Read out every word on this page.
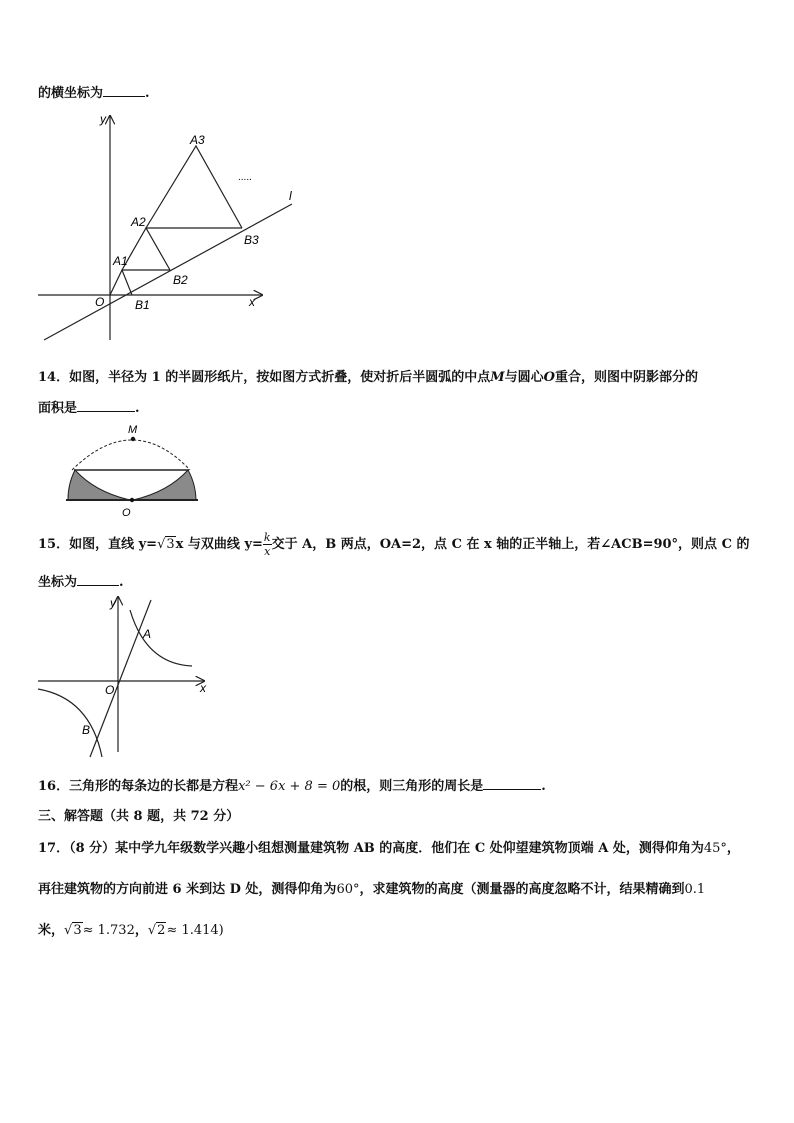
的横坐标为	.
y
x
O
l
.....
A1
A2
A3
B1
B2
B3
14．如图，半径为 1 的半圆形纸片，按如图方式折叠，使对折后半圆弧的中点M与圆心O重合，则图中阴影部分的
面积是	.
M
O
15．如图，直线 y=√3x 与双曲线 $y= \frac{k}{x}$ 交于 A，B 两点，OA=2，点 C 在 x 轴的正半轴上，若∠ACB=90°，则点 C 的
坐标为	.
y
x
O
A
B
16．三角形的每条边的长都是方程x² − 6x + 8 = 0的根，则三角形的周长是	.
三、解答题（共 8 题，共 72 分）
17．（8 分）某中学九年级数学兴趣小组想测量建筑物 AB 的高度．他们在 C 处仰望建筑物顶端 A 处，测得仰角为45°，
再往建筑物的方向前进 6 米到达 D 处，测得仰角为60°，求建筑物的高度（测量器的高度忽略不计，结果精确到0.1
米，√3≈ 1.732，√2≈ 1.414)
